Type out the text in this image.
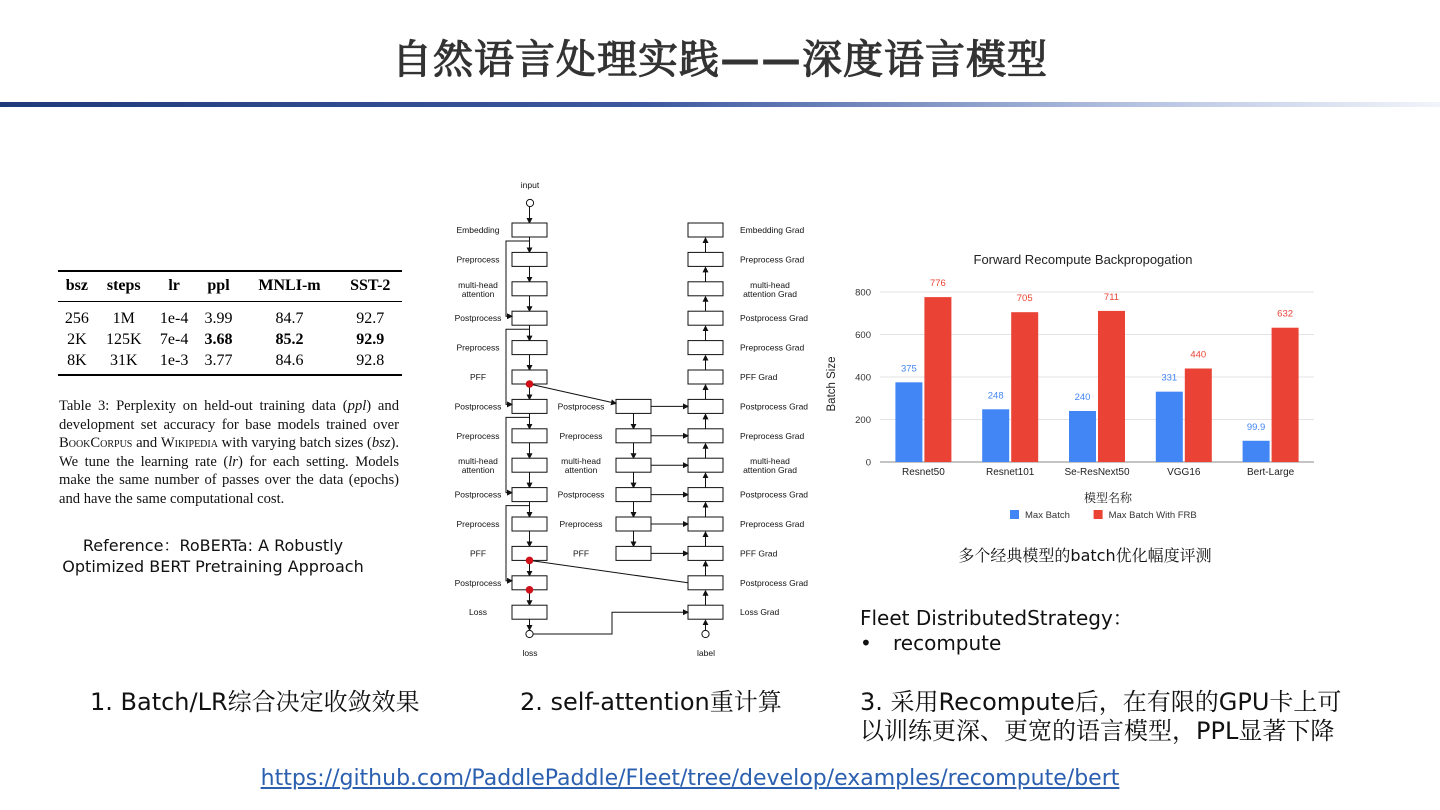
自然语言处理实践——深度语言模型
bsz	steps	lr	ppl	MNLI-m	SST-2
256	1M	1e-4	3.99	84.7	92.7
2K	125K	7e-4	3.68	85.2	92.9
8K	31K	1e-3	3.77	84.6	92.8
Table 3: Perplexity on held-out training data (ppl) and development set accuracy for base models trained over BookCorpus and Wikipedia with varying batch sizes (bsz). We tune the learning rate (lr) for each setting. Models make the same number of passes over the data (epochs) and have the same computational cost.
Reference：RoBERTa: A Robustly
Optimized BERT Pretraining Approach
input
loss	label
Embedding
Preprocess
multi-head
attention
Postprocess
Preprocess
PFF
Postprocess
Preprocess
multi-head
attention
Postprocess
Preprocess
PFF
Postprocess
Loss
Embedding Grad
Preprocess Grad
multi-head
attention Grad
Postprocess Grad
Preprocess Grad
PFF Grad
Postprocess Grad
Preprocess Grad
multi-head
attention Grad
Postprocess Grad
Preprocess Grad
PFF Grad
Postprocess Grad
Loss Grad
Postprocess
Preprocess
multi-head
attention
Postprocess
Preprocess
PFF
Forward Recompute Backpropogation
Batch Size
模型名称
0
200
400
600
800
Resnet50
375
776
Resnet101
248
705
Se-ResNext50
240
711
VGG16
331
440
Bert-Large
99.9
632
Max Batch	Max Batch With FRB
多个经典模型的batch优化幅度评测
Fleet DistributedStrategy：
• recompute
1. Batch/LR综合决定收敛效果	2. self-attention重计算	3. 采用Recompute后，在有限的GPU卡上可
以训练更深、更宽的语言模型，PPL显著下降
https://github.com/PaddlePaddle/Fleet/tree/develop/examples/recompute/bert
